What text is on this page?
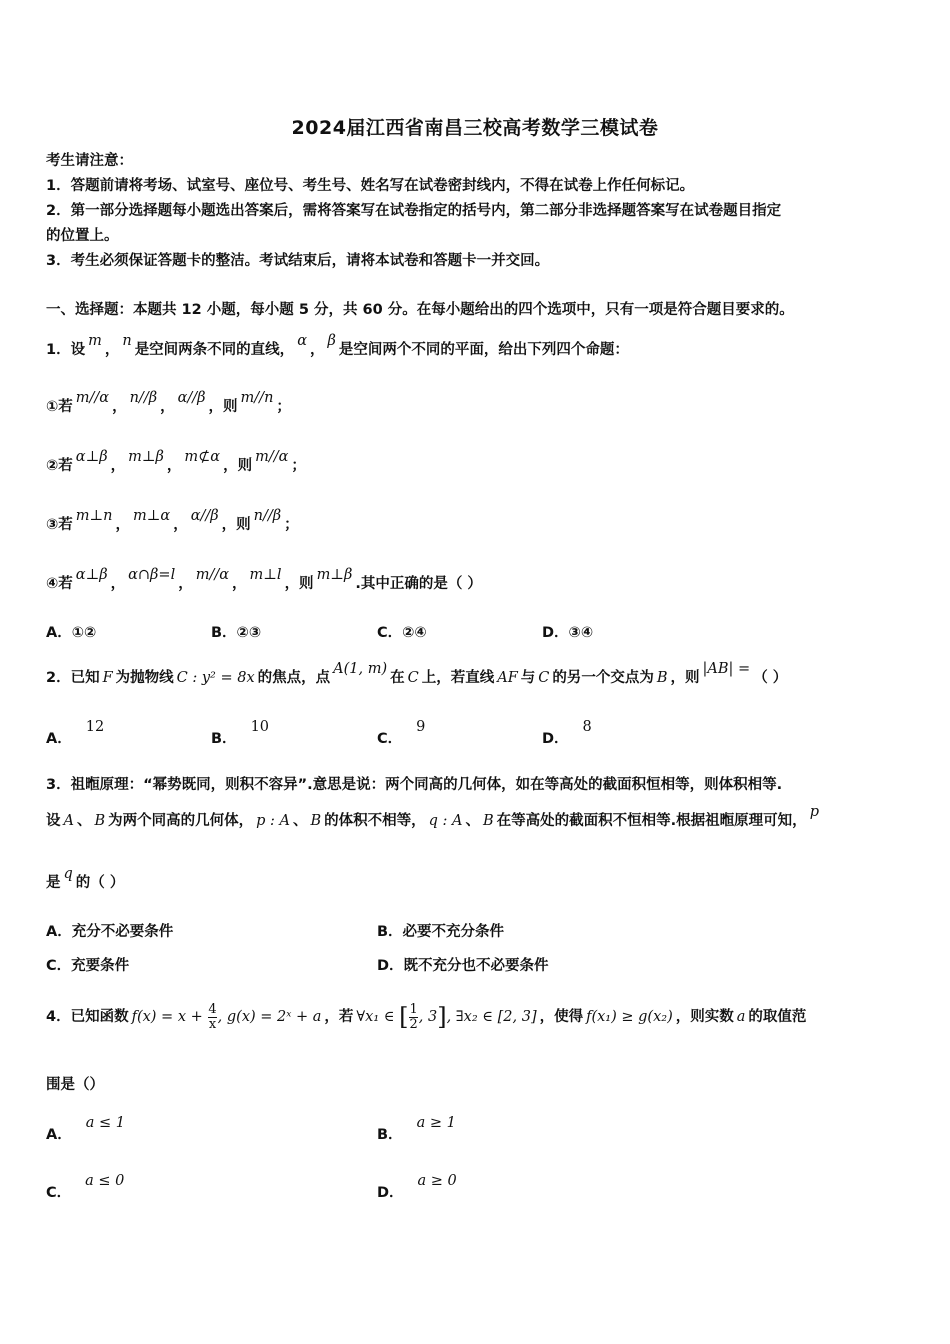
2024届江西省南昌三校高考数学三模试卷
考生请注意：
1．答题前请将考场、试室号、座位号、考生号、姓名写在试卷密封线内，不得在试卷上作任何标记。
2．第一部分选择题每小题选出答案后，需将答案写在试卷指定的括号内，第二部分非选择题答案写在试卷题目指定
的位置上。
3．考生必须保证答题卡的整洁。考试结束后，请将本试卷和答题卡一并交回。
一、选择题：本题共 12 小题，每小题 5 分，共 60 分。在每小题给出的四个选项中，只有一项是符合题目要求的。
1．设m，n是空间两条不同的直线，α，β是空间两个不同的平面，给出下列四个命题：
①若m//α，n//β，α//β，则m//n；
②若α⊥β，m⊥β，m⊄α，则m//α；
③若m⊥n，m⊥α，α//β，则n//β；
④若α⊥β，α∩β=l，m//α，m⊥l，则m⊥β.其中正确的是（ ）
A．①②	B．②③	C．②④	D．③④
2．已知 F 为抛物线 C : y² = 8x 的焦点，点A(1, m)在 C 上，若直线 AF 与 C 的另一个交点为 B ，则|AB| =（ ）
A．12
B．10
C．9
D．8
3．祖暅原理：“幂势既同，则积不容异”.意思是说：两个同高的几何体，如在等高处的截面积恒相等，则体积相等.
设 A 、 B 为两个同高的几何体， p : A 、 B 的体积不相等， q : A 、 B 在等高处的截面积不恒相等.根据祖暅原理可知，p
是q的（ ）
A．充分不必要条件	B．必要不充分条件
C．充要条件	D．既不充分也不必要条件
4．已知函数 $f(x) = x + \frac{4}{x}$ , g(x) = 2ˣ + a ，若 ∀x₁ ∈ [ $\frac{1}{2}$ , 3], ∃x₂ ∈ [2, 3] ，使得 f(x₁) ≥ g(x₂) ，则实数 a 的取值范
围是（）
A．a ≤ 1
B．a ≥ 1
C．a ≤ 0
D．a ≥ 0
